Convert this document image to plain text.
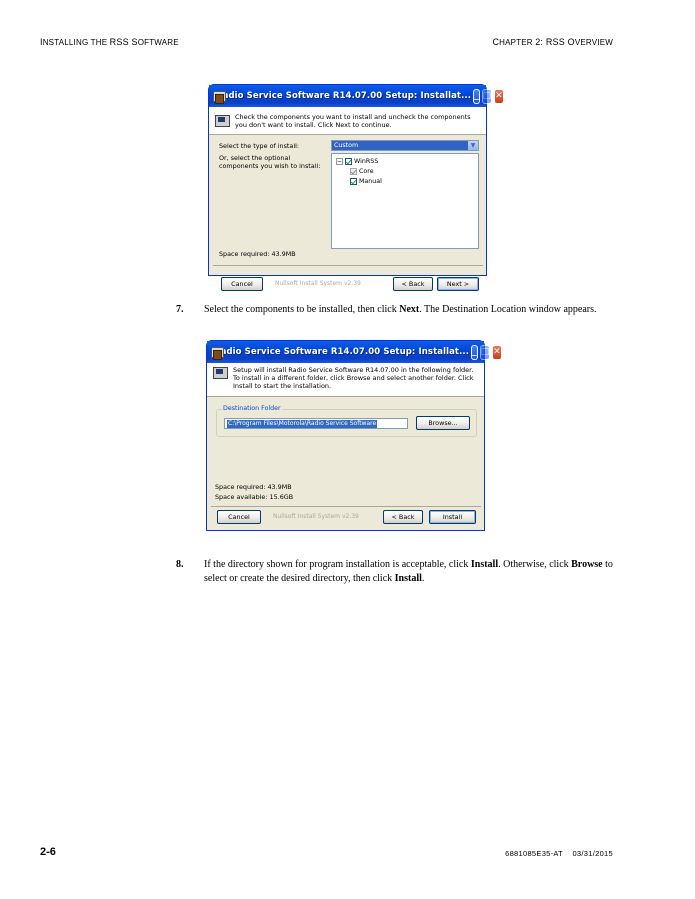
INSTALLING THE RSS SOFTWARE	CHAPTER 2: RSS OVERVIEW
Radio Service Software R14.07.00 Setup: Installat... _ □ ✕
Check the components you want to install and uncheck the components
you don't want to install. Click Next to continue.
Select the type of install:	Custom	▼
Or, select the optional
components you wish to install:
− WinRSS
Core
Manual
Space required: 43.9MB
Cancel	Nullsoft Install System v2.39	< Back	Next >
7. Select the components to be installed, then click Next. The Destination Location window appears.
Radio Service Software R14.07.00 Setup: Installat... _ □ ✕
Setup will install Radio Service Software R14.07.00 in the following folder.
To install in a different folder, click Browse and select another folder. Click
Install to start the installation.
Destination Folder
C:\Program Files\Motorola\Radio Service Software	Browse...
Space required: 43.9MB
Space available: 15.6GB
Cancel	Nullsoft Install System v2.39	< Back	Install
8. If the directory shown for program installation is acceptable, click Install. Otherwise, click Browse to select or create the desired directory, then click Install.
2-6	6881085E35-AT    03/31/2015
